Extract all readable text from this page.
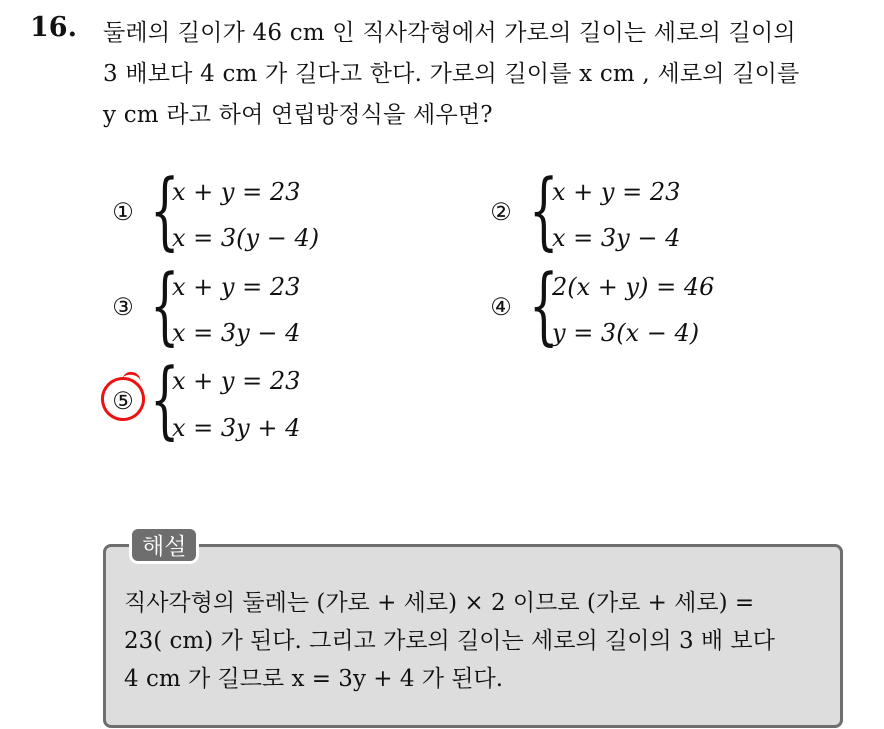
16. 둘레의 길이가 46 cm 인 직사각형에서 가로의 길이는 세로의 길이의
3 배보다 4 cm 가 길다고 한다. 가로의 길이를 x cm , 세로의 길이를
y cm 라고 하여 연립방정식을 세우면?
① {
x + y = 23
x = 3(y − 4)
② {
x + y = 23
x = 3y − 4
③ {
x + y = 23
x = 3y − 4
④ {
2(x + y) = 46
y = 3(x − 4)
⑤ {
x + y = 23
x = 3y + 4
해설
직사각형의 둘레는 (가로 + 세로) × 2 이므로 (가로 + 세로) =
23( cm) 가 된다. 그리고 가로의 길이는 세로의 길이의 3 배 보다
4 cm 가 길므로 x = 3y + 4 가 된다.
